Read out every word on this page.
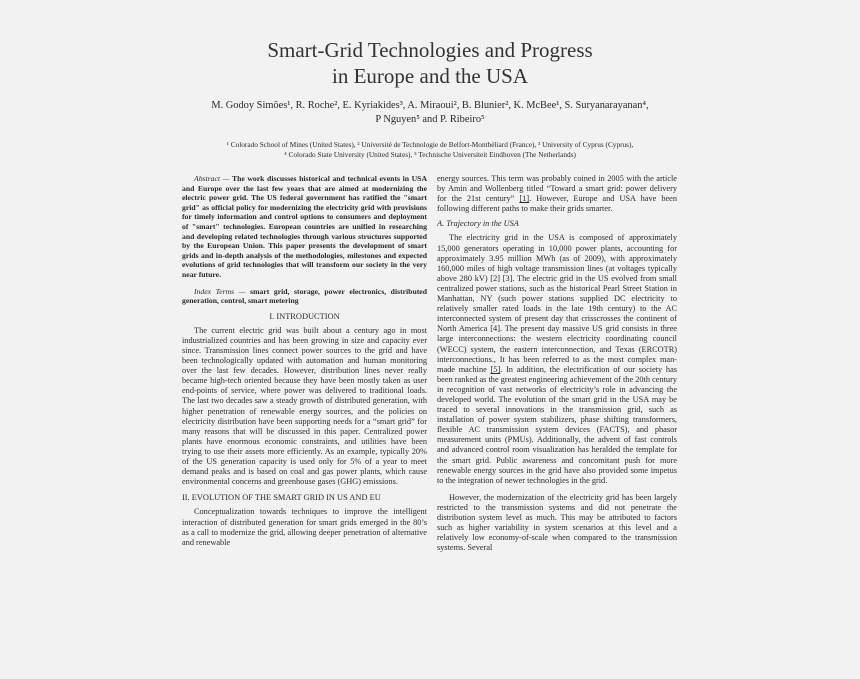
Smart-Grid Technologies and Progress
in Europe and the USA
M. Godoy Simões¹, R. Roche², E. Kyriakides³, A. Miraoui², B. Blunier², K. McBee¹, S. Suryanarayanan⁴,
P Nguyen⁵ and P. Ribeiro⁵
¹ Colorado School of Mines (United States), ² Université de Technologie de Belfort-Montbéliard (France), ³ University of Cyprus (Cyprus),
⁴ Colorado State University (United States), ⁵ Technische Universiteit Eindhoven (The Netherlands)

Abstract — The work discusses historical and technical events in USA and Europe over the last few years that are aimed at modernizing the electric power grid. The US federal government has ratified the "smart grid" as official policy for modernizing the electricity grid with provisions for timely information and control options to consumers and deployment of "smart" technologies. European countries are unified in researching and developing related technologies through various structures supported by the European Union. This paper presents the development of smart grids and in-depth analysis of the methodologies, milestones and expected evolutions of grid technologies that will transform our society in the very near future.

Index Terms — smart grid, storage, power electronics, distributed generation, control, smart metering

I. INTRODUCTION

The current electric grid was built about a century ago in most industrialized countries and has been growing in size and capacity ever since. Transmission lines connect power sources to the grid and have been technologically updated with automation and human monitoring over the last few decades. However, distribution lines never really became high-tech oriented because they have been mostly taken as user end-points of service, where power was delivered to traditional loads. The last two decades saw a steady growth of distributed generation, with higher penetration of renewable energy sources, and the policies on electricity distribution have been supporting needs for a “smart grid” for many reasons that will be discussed in this paper. Centralized power plants have enormous economic constraints, and utilities have been trying to use their assets more efficiently. As an example, typically 20% of the US generation capacity is used only for 5% of a year to meet demand peaks and is based on coal and gas power plants, which cause environmental concerns and greenhouse gases (GHG) emissions.

II. EVOLUTION OF THE SMART GRID IN US AND EU

Conceptualization towards techniques to improve the intelligent interaction of distributed generation for smart grids emerged in the 80’s as a call to modernize the grid, allowing deeper penetration of alternative and renewable

energy sources. This term was probably coined in 2005 with the article by Amin and Wollenberg titled “Toward a smart grid: power delivery for the 21st century” [1]. However, Europe and USA have been following different paths to make their grids smarter.

A. Trajectory in the USA

The electricity grid in the USA is composed of approximately 15,000 generators operating in 10,000 power plants, accounting for approximately 3.95 million MWh (as of 2009), with approximately 160,000 miles of high voltage transmission lines (at voltages typically above 280 kV) [2] [3]. The electric grid in the US evolved from small centralized power stations, such as the historical Pearl Street Station in Manhattan, NY (such power stations supplied DC electricity to relatively smaller rated loads in the late 19th century) to the AC interconnected system of present day that crisscrosses the continent of North America [4]. The present day massive US grid consists in three large interconnections: the western electricity coordinating council (WECC) system, the eastern interconnection, and Texas (ERCOTR) interconnections., It has been referred to as the most complex man-made machine [5]. In addition, the electrification of our society has been ranked as the greatest engineering achievement of the 20th century in recognition of vast networks of electricity’s role in advancing the developed world. The evolution of the smart grid in the USA may be traced to several innovations in the transmission grid, such as installation of power system stabilizers, phase shifting transformers, flexible AC transmission system devices (FACTS), and phasor measurement units (PMUs). Additionally, the advent of fast controls and advanced control room visualization has heralded the template for the smart grid. Public awareness and concomitant push for more renewable energy sources in the grid have also provided some impetus to the integration of newer technologies in the grid.

However, the modernization of the electricity grid has been largely restricted to the transmission systems and did not penetrate the distribution system level as much. This may be attributed to factors such as higher variability in system scenarios at this level and a relatively low economy-of-scale when compared to the transmission systems. Several
